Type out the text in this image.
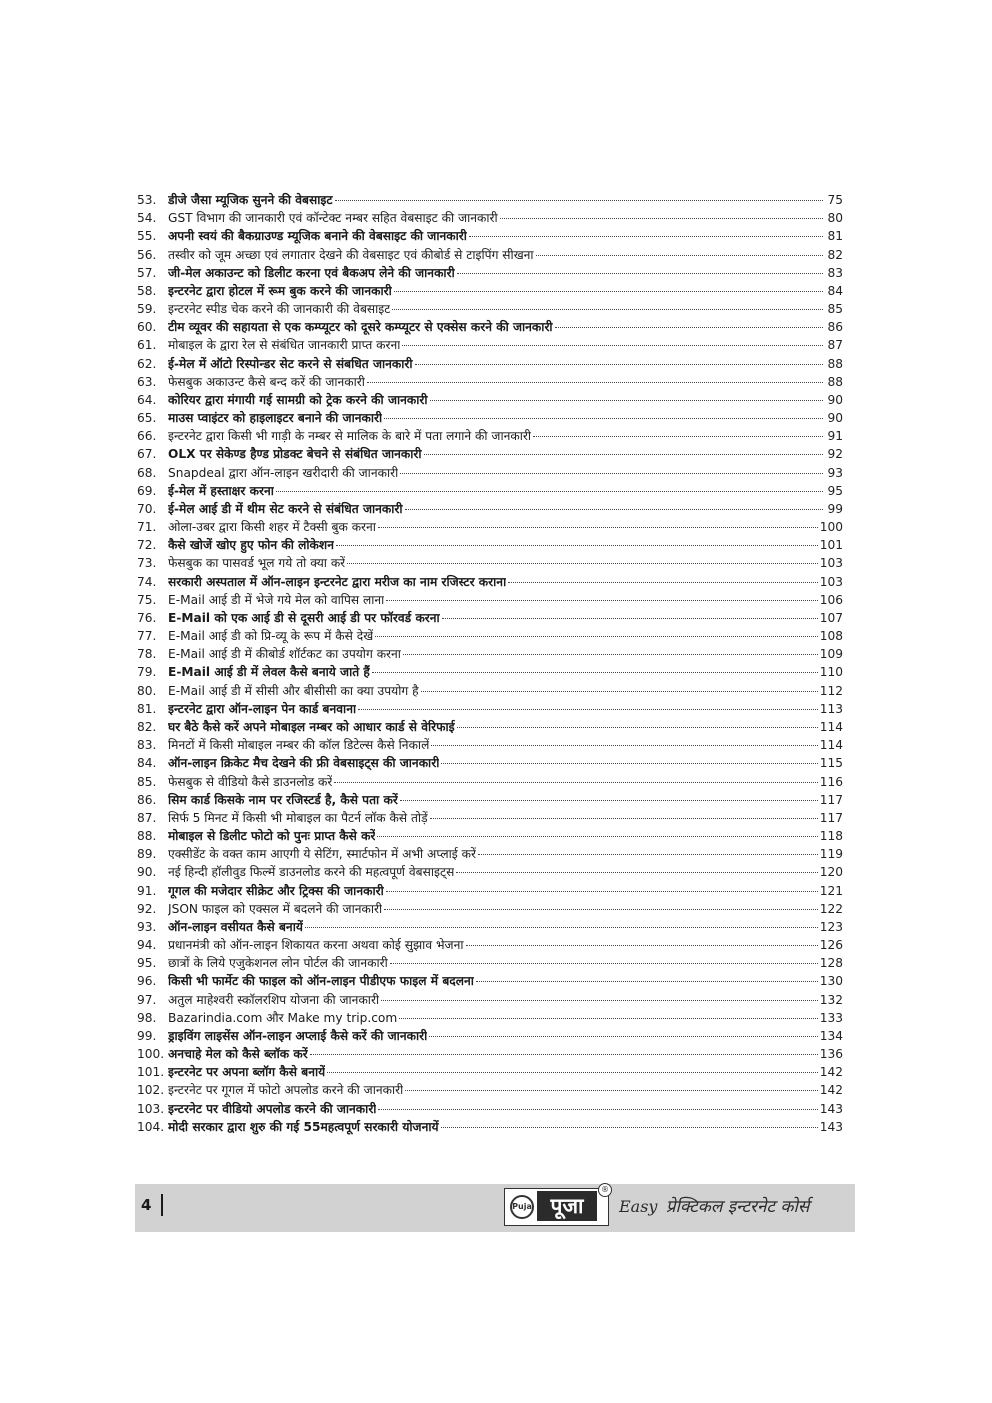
53. डीजे जैसा म्यूजिक सुनने की वेबसाइट	75
54. GST विभाग की जानकारी एवं कॉन्टेक्ट नम्बर सहित वेबसाइट की जानकारी	80
55. अपनी स्वयं की बैकग्राउण्ड म्यूजिक बनाने की वेबसाइट की जानकारी	81
56. तस्वीर को जूम अच्छा एवं लगातार देखने की वेबसाइट एवं कीबोर्ड से टाइपिंग सीखना	82
57. जी-मेल अकाउन्ट को डिलीट करना एवं बैकअप लेने की जानकारी	83
58. इन्टरनेट द्वारा होटल में रूम बुक करने की जानकारी	84
59. इन्टरनेट स्पीड चेक करने की जानकारी की वेबसाइट	85
60. टीम व्यूवर की सहायता से एक कम्प्यूटर को दूसरे कम्प्यूटर से एक्सेस करने की जानकारी	86
61. मोबाइल के द्वारा रेल से संबंधित जानकारी प्राप्त करना	87
62. ई-मेल में ऑटो रिस्पोन्डर सेट करने से संबधित जानकारी	88
63. फेसबुक अकाउन्ट कैसे बन्द करें की जानकारी	88
64. कोरियर द्वारा मंगायी गई सामग्री को ट्रेक करने की जानकारी	90
65. माउस प्वाइंटर को हाइलाइटर बनाने की जानकारी	90
66. इन्टरनेट द्वारा किसी भी गाड़ी के नम्बर से मालिक के बारे में पता लगाने की जानकारी	91
67. OLX पर सेकेण्ड हैण्ड प्रोडक्ट बेचने से संबंधित जानकारी	92
68. Snapdeal द्वारा ऑन-लाइन खरीदारी की जानकारी	93
69. ई-मेल में हस्ताक्षर करना	95
70. ई-मेल आई डी में थीम सेट करने से संबंधित जानकारी	99
71. ओला-उबर द्वारा किसी शहर में टैक्सी बुक करना	100
72. कैसे खोजें खोए हुए फोन की लोकेशन	101
73. फेसबुक का पासवर्ड भूल गये तो क्या करें	103
74. सरकारी अस्पताल में ऑन-लाइन इन्टरनेट द्वारा मरीज का नाम रजिस्टर कराना	103
75. E-Mail आई डी में भेजे गये मेल को वापिस लाना	106
76. E-Mail को एक आई डी से दूसरी आई डी पर फॉरवर्ड करना	107
77. E-Mail आई डी को प्रि-व्यू के रूप में कैसे देखें	108
78. E-Mail आई डी में कीबोर्ड शॉर्टकट का उपयोग करना	109
79. E-Mail आई डी में लेवल कैसे बनाये जाते हैं	110
80. E-Mail आई डी में सीसी और बीसीसी का क्या उपयोग है	112
81. इन्टरनेट द्वारा ऑन-लाइन पेन कार्ड बनवाना	113
82. घर बैठे कैसे करें अपने मोबाइल नम्बर को आधार कार्ड से वेरिफाई	114
83. मिनटों में किसी मोबाइल नम्बर की कॉल डिटेल्स कैसे निकालें	114
84. ऑन-लाइन क्रिकेट मैच देखने की फ्री वेबसाइट्स की जानकारी	115
85. फेसबुक से वीडियो कैसे डाउनलोड करें	116
86. सिम कार्ड किसके नाम पर रजिस्टर्ड है, कैसे पता करें	117
87. सिर्फ 5 मिनट में किसी भी मोबाइल का पैटर्न लॉक कैसे तोड़ें	117
88. मोबाइल से डिलीट फोटो को पुनः प्राप्त कैसे करें	118
89. एक्सीडेंट के वक्त काम आएगी ये सेटिंग, स्मार्टफोन में अभी अप्लाई करें	119
90. नई हिन्दी हॉलीवुड फिल्में डाउनलोड करने की महत्वपूर्ण वेबसाइट्स	120
91. गूगल की मजेदार सीक्रेट और ट्रिक्स की जानकारी	121
92. JSON फाइल को एक्सल में बदलने की जानकारी	122
93. ऑन-लाइन वसीयत कैसे बनायें	123
94. प्रधानमंत्री को ऑन-लाइन शिकायत करना अथवा कोई सुझाव भेजना	126
95. छात्रों के लिये एजुकेशनल लोन पोर्टल की जानकारी	128
96. किसी भी फार्मेट की फाइल को ऑन-लाइन पीडीएफ फाइल में बदलना	130
97. अतुल माहेश्वरी स्कॉलरशिप योजना की जानकारी	132
98. Bazarindia.com और Make my trip.com	133
99. ड्राइविंग लाइसेंस ऑन-लाइन अप्लाई कैसे करें की जानकारी	134
100. अनचाहे मेल को कैसे ब्लॉक करें	136
101. इन्टरनेट पर अपना ब्लॉग कैसे बनायें	142
102. इन्टरनेट पर गूगल में फोटो अपलोड करने की जानकारी	142
103. इन्टरनेट पर वीडियो अपलोड करने की जानकारी	143
104. मोदी सरकार द्वारा शुरु की गई 55महत्वपूर्ण सरकारी योजनायें	143
4	Puja पूजा
®
Easy प्रेक्टिकल इन्टरनेट कोर्स
